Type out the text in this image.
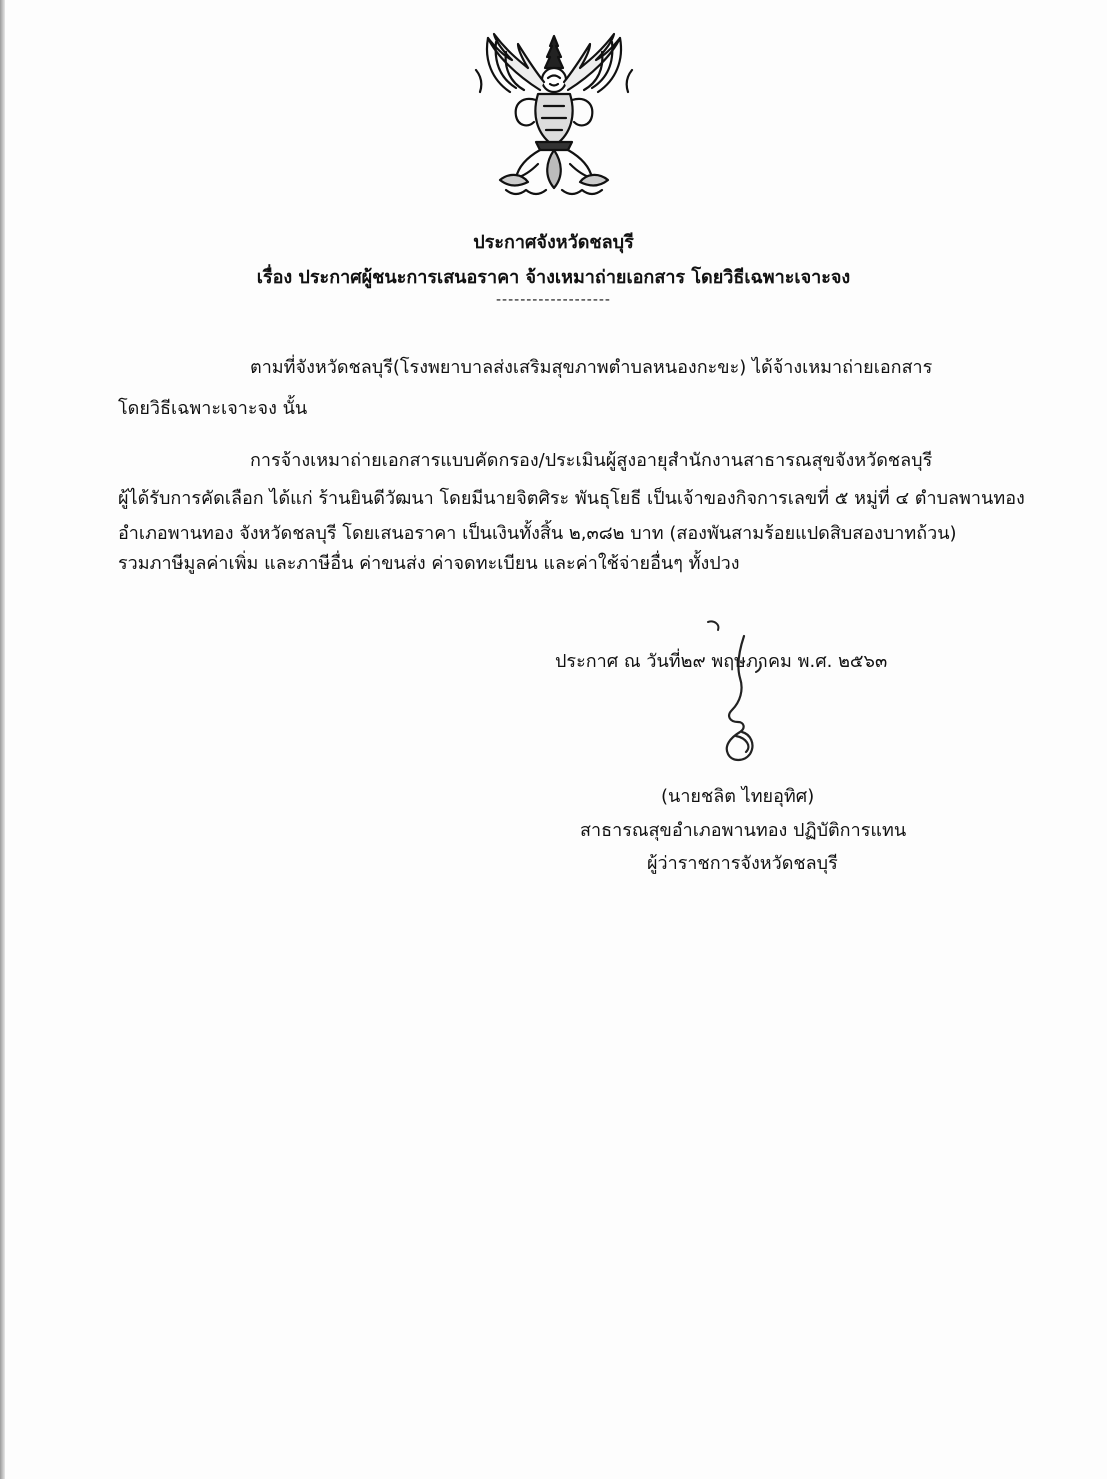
ประกาศจังหวัดชลบุรี
เรื่อง ประกาศผู้ชนะการเสนอราคา จ้างเหมาถ่ายเอกสาร โดยวิธีเฉพาะเจาะจง
-------------------
ตามที่จังหวัดชลบุรี(โรงพยาบาลส่งเสริมสุขภาพตำบลหนองกะขะ) ได้จ้างเหมาถ่ายเอกสาร
โดยวิธีเฉพาะเจาะจง นั้น
การจ้างเหมาถ่ายเอกสารแบบคัดกรอง/ประเมินผู้สูงอายุสำนักงานสาธารณสุขจังหวัดชลบุรี
ผู้ได้รับการคัดเลือก ได้แก่ ร้านยินดีวัฒนา โดยมีนายจิตศิระ พันธุโยธี เป็นเจ้าของกิจการเลขที่ ๕ หมู่ที่ ๔ ตำบลพานทอง
อำเภอพานทอง จังหวัดชลบุรี โดยเสนอราคา เป็นเงินทั้งสิ้น ๒,๓๘๒ บาท (สองพันสามร้อยแปดสิบสองบาทถ้วน)
รวมภาษีมูลค่าเพิ่ม และภาษีอื่น ค่าขนส่ง ค่าจดทะเบียน และค่าใช้จ่ายอื่นๆ ทั้งปวง
ประกาศ ณ วันที่๒๙ พฤษภาคม พ.ศ. ๒๕๖๓
(นายชลิต ไทยอุทิศ)
สาธารณสุขอำเภอพานทอง ปฏิบัติการแทน
ผู้ว่าราชการจังหวัดชลบุรี
